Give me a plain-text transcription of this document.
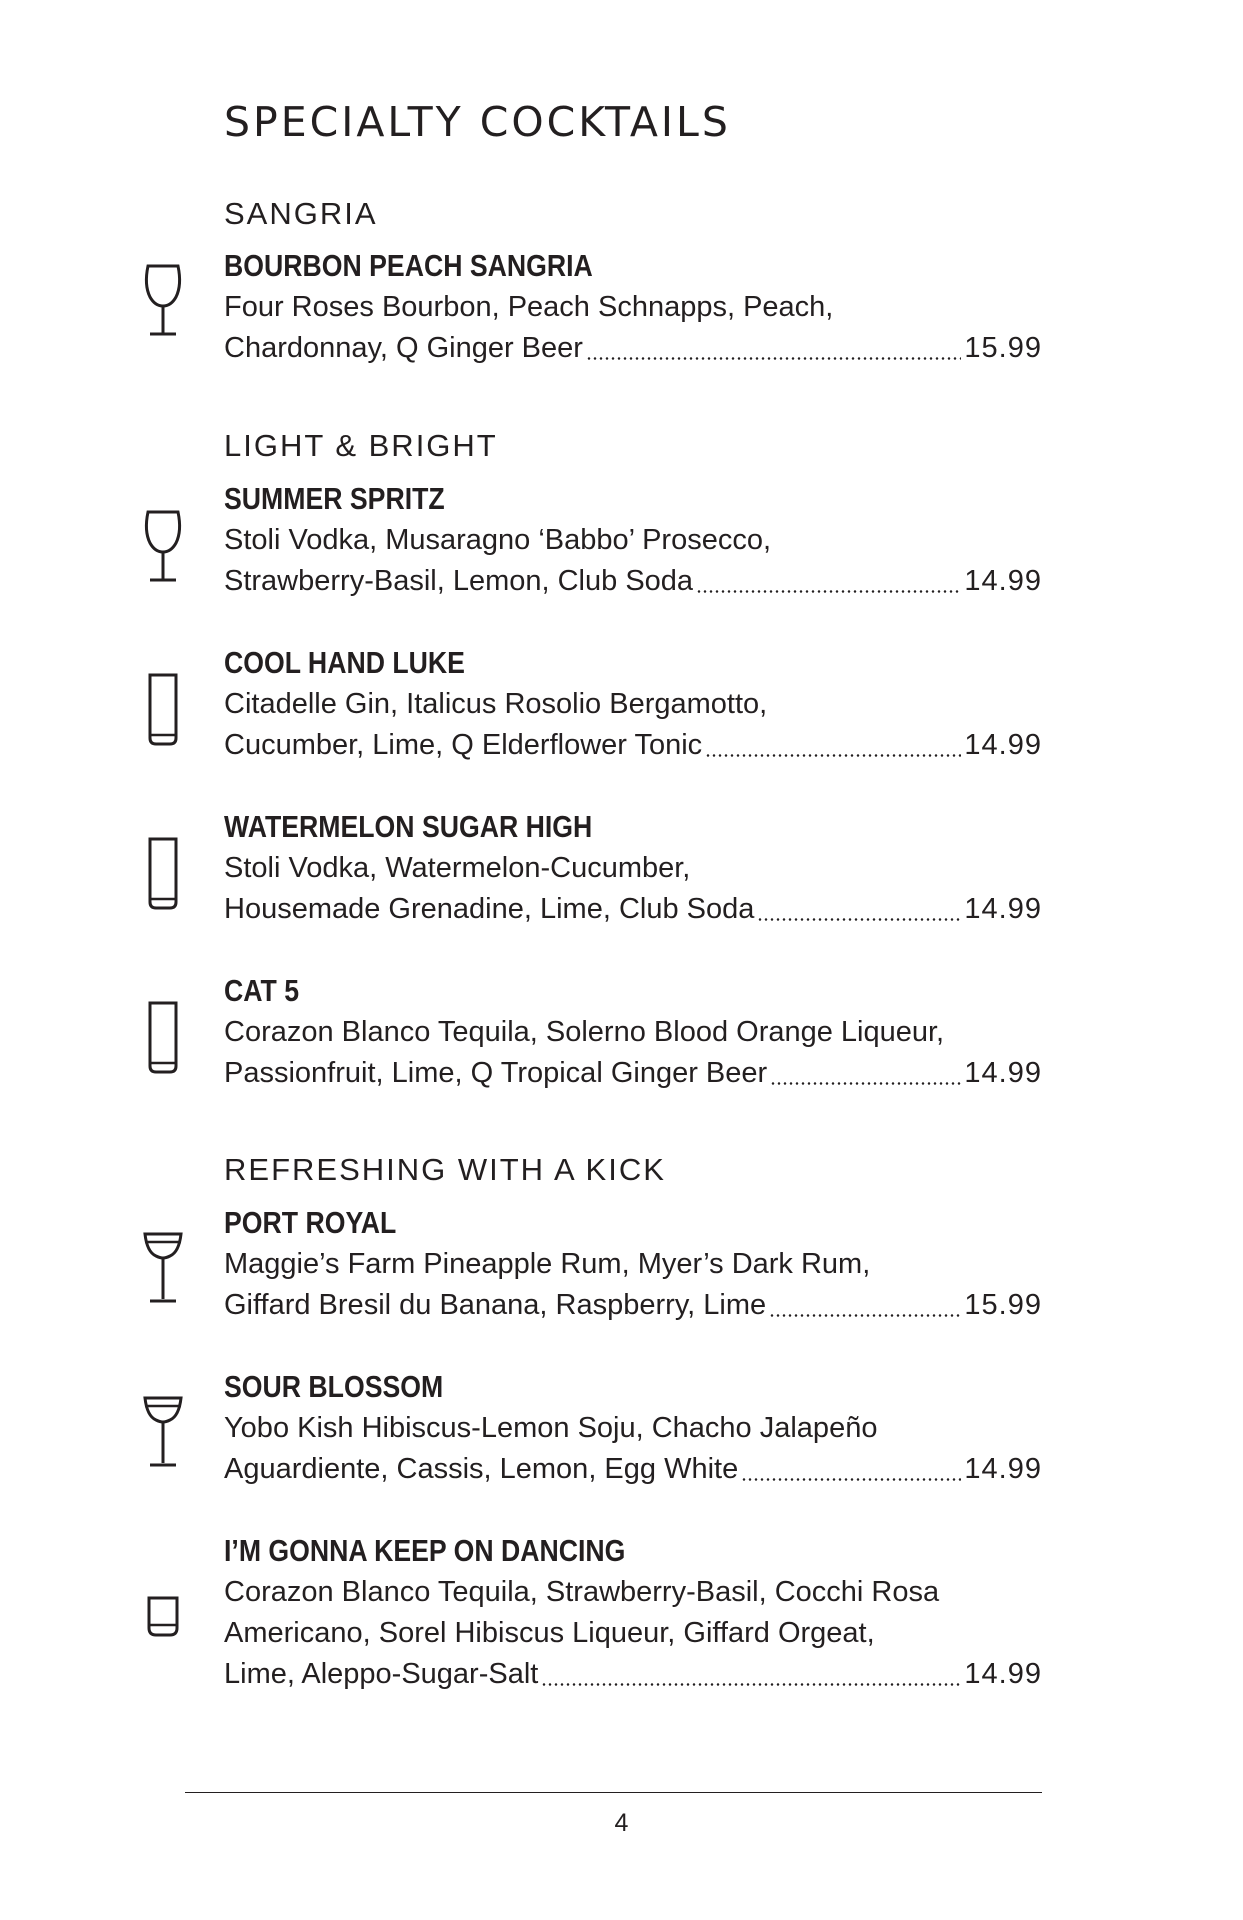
SPECIALTY COCKTAILS
SANGRIA
BOURBON PEACH SANGRIA
Four Roses Bourbon, Peach Schnapps, Peach,
Chardonnay, Q Ginger Beer	15.99
LIGHT & BRIGHT
SUMMER SPRITZ
Stoli Vodka, Musaragno ‘Babbo’ Prosecco,
Strawberry-Basil, Lemon, Club Soda	14.99
COOL HAND LUKE
Citadelle Gin, Italicus Rosolio Bergamotto,
Cucumber, Lime, Q Elderflower Tonic	14.99
WATERMELON SUGAR HIGH
Stoli Vodka, Watermelon-Cucumber,
Housemade Grenadine, Lime, Club Soda	14.99
CAT 5
Corazon Blanco Tequila, Solerno Blood Orange Liqueur,
Passionfruit, Lime, Q Tropical Ginger Beer	14.99
REFRESHING WITH A KICK
PORT ROYAL
Maggie’s Farm Pineapple Rum, Myer’s Dark Rum,
Giffard Bresil du Banana, Raspberry, Lime	15.99
SOUR BLOSSOM
Yobo Kish Hibiscus-Lemon Soju, Chacho Jalapeño
Aguardiente, Cassis, Lemon, Egg White	14.99
I’M GONNA KEEP ON DANCING
Corazon Blanco Tequila, Strawberry-Basil, Cocchi Rosa
Americano, Sorel Hibiscus Liqueur, Giffard Orgeat,
Lime, Aleppo-Sugar-Salt	14.99
4
